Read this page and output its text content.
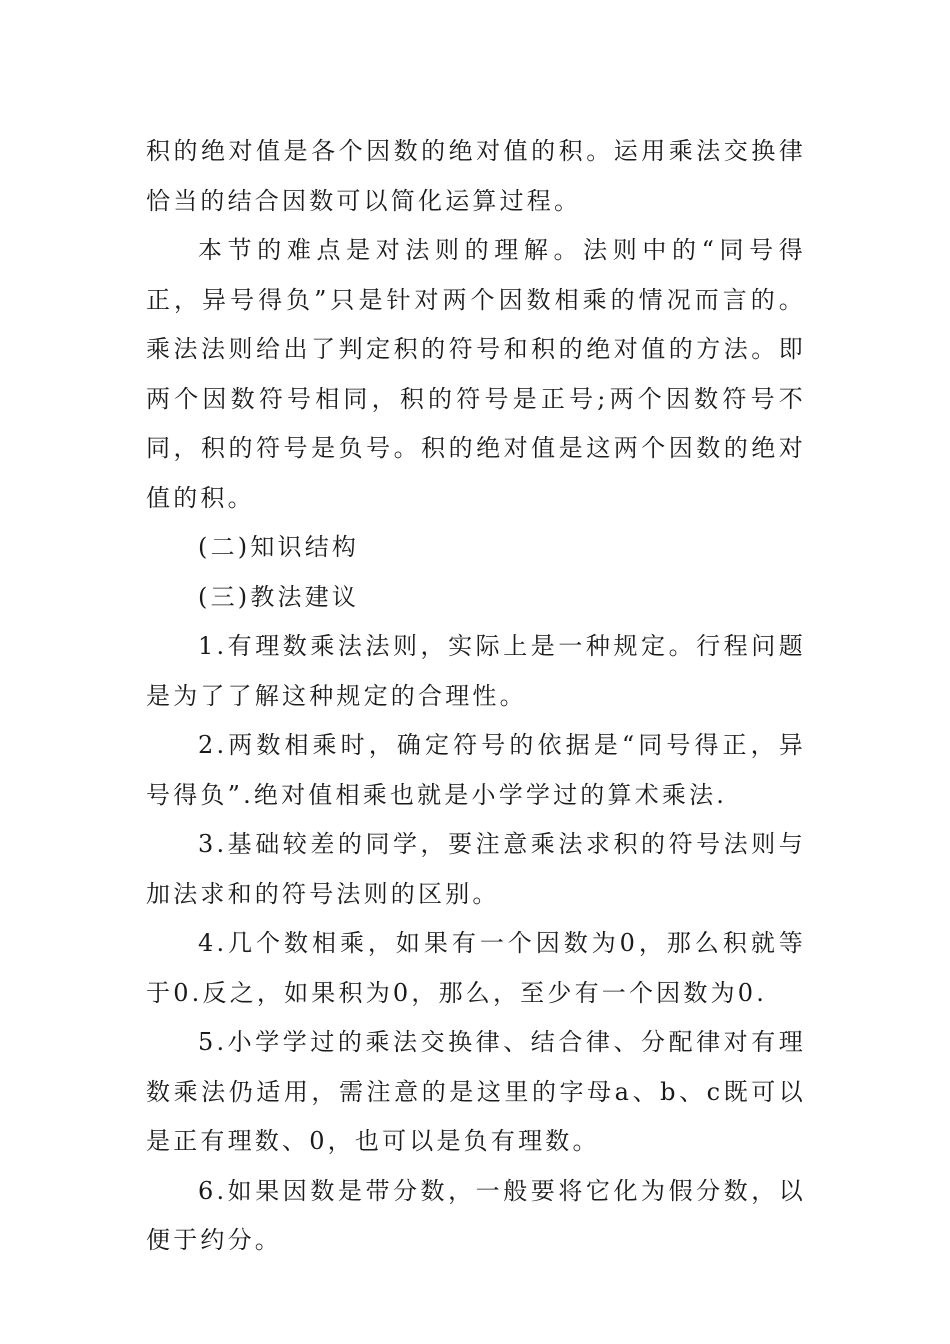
积的绝对值是各个因数的绝对值的积。运用乘法交换律恰当的结合因数可以简化运算过程。

本节的难点是对法则的理解。法则中的“同号得正，异号得负”只是针对两个因数相乘的情况而言的。乘法法则给出了判定积的符号和积的绝对值的方法。即两个因数符号相同，积的符号是正号;两个因数符号不同，积的符号是负号。积的绝对值是这两个因数的绝对值的积。

(二)知识结构

(三)教法建议

1.有理数乘法法则，实际上是一种规定。行程问题是为了了解这种规定的合理性。

2.两数相乘时，确定符号的依据是“同号得正，异号得负”.绝对值相乘也就是小学学过的算术乘法.

3.基础较差的同学，要注意乘法求积的符号法则与加法求和的符号法则的区别。

4.几个数相乘，如果有一个因数为0，那么积就等于0.反之，如果积为0，那么，至少有一个因数为0.

5.小学学过的乘法交换律、结合律、分配律对有理数乘法仍适用，需注意的是这里的字母a、b、c既可以是正有理数、0，也可以是负有理数。

6.如果因数是带分数，一般要将它化为假分数，以便于约分。
